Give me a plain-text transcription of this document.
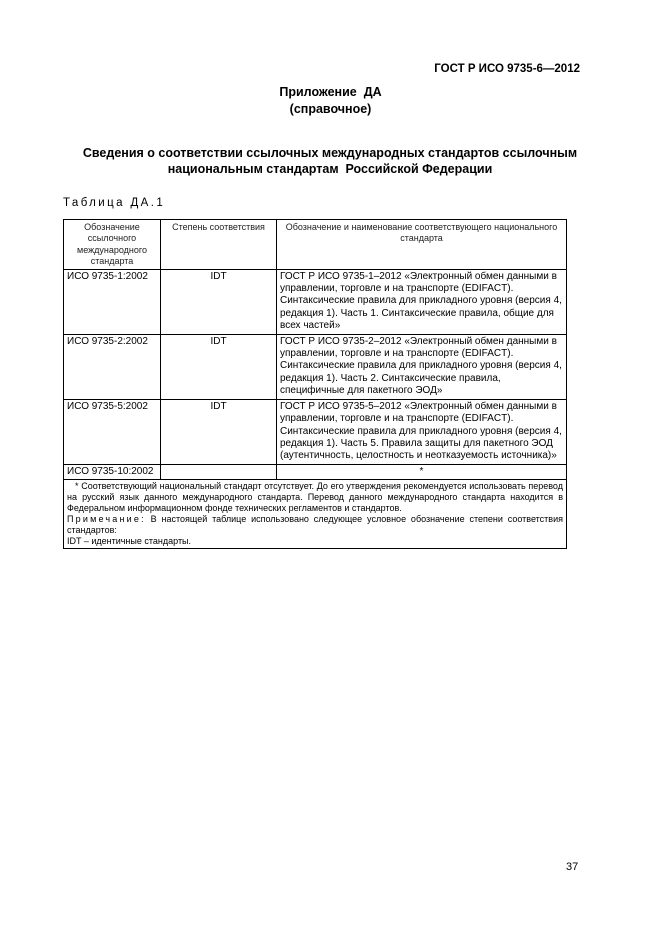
ГОСТ Р ИСО 9735-6—2012
Приложение  ДА
(справочное)
Сведения о соответствии ссылочных международных стандартов ссылочным
национальным стандартам  Российской Федерации
Таблица ДА.1
Обозначение ссылочного международного стандарта	Степень соответствия	Обозначение и наименование соответствующего национального стандарта
ИСО 9735-1:2002	IDT	ГОСТ Р ИСО 9735-1–2012 «Электронный обмен данными в управлении, торговле и на транспорте (EDIFACT). Синтаксические правила для прикладного уровня (версия 4, редакция 1). Часть 1. Синтаксические правила, общие для всех частей»
ИСО 9735-2:2002	IDT	ГОСТ Р ИСО 9735-2–2012 «Электронный обмен данными в управлении, торговле и на транспорте (EDIFACT). Синтаксические правила для прикладного уровня (версия 4, редакция 1). Часть 2. Синтаксические правила, специфичные для пакетного ЭОД»
ИСО 9735-5:2002	IDT	ГОСТ Р ИСО 9735-5–2012 «Электронный обмен данными в управлении, торговле и на транспорте (EDIFACT). Синтаксические правила для прикладного уровня (версия 4, редакция 1). Часть 5. Правила защиты для пакетного ЭОД (аутентичность, целостность и неотказуемость источника)»
ИСО 9735-10:2002		*

* Соответствующий национальный стандарт отсутствует. До его утверждения рекомендуется использовать перевод на русский язык данного международного стандарта. Перевод данного международного стандарта находится в Федеральном информационном фонде технических регламентов и стандартов.

Примечание: В настоящей таблице использовано следующее условное обозначение степени соответствия стандартов:

IDT – идентичные стандарты.		

37
